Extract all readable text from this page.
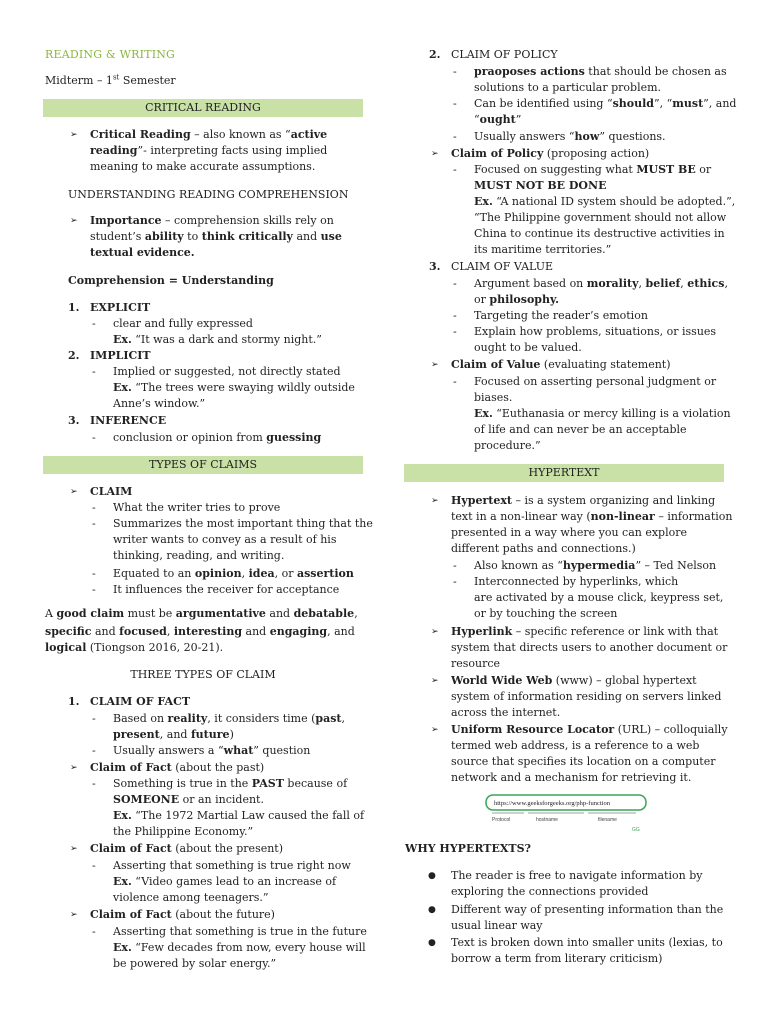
READING & WRITING
Midterm – 1st Semester
CRITICAL READING
➢ Critical Reading – also known as “active
reading”- interpreting facts using implied
meaning to make accurate assumptions.
UNDERSTANDING READING COMPREHENSION
➢ Importance – comprehension skills rely on
student’s ability to think critically and use
textual evidence.
Comprehension = Understanding
1. EXPLICIT
- clear and fully expressed
Ex. “It was a dark and stormy night.”
2. IMPLICIT
- Implied or suggested, not directly stated
Ex. “The trees were swaying wildly outside
Anne’s window.”
3. INFERENCE
- conclusion or opinion from guessing
TYPES OF CLAIMS
➢ CLAIM
- What the writer tries to prove
- Summarizes the most important thing that the
writer wants to convey as a result of his
thinking, reading, and writing.
- Equated to an opinion, idea, or assertion
- It influences the receiver for acceptance
A good claim must be argumentative and debatable,
specific and focused, interesting and engaging, and
logical (Tiongson 2016, 20-21).
THREE TYPES OF CLAIM
1. CLAIM OF FACT
- Based on reality, it considers time (past,
present, and future)
- Usually answers a “what” question
➢ Claim of Fact (about the past)
- Something is true in the PAST because of
SOMEONE or an incident.
Ex. “The 1972 Martial Law caused the fall of
the Philippine Economy.”
➢ Claim of Fact (about the present)
- Asserting that something is true right now
Ex. “Video games lead to an increase of
violence among teenagers.”
➢ Claim of Fact (about the future)
- Asserting that something is true in the future
Ex. “Few decades from now, every house will
be powered by solar energy.”
2. CLAIM OF POLICY
- praoposes actions that should be chosen as
solutions to a particular problem.
- Can be identified using “should”, “must”, and
“ought”
- Usually answers “how” questions.
➢ Claim of Policy (proposing action)
- Focused on suggesting what MUST BE or
MUST NOT BE DONE
Ex. “A national ID system should be adopted.”,
“The Philippine government should not allow
China to continue its destructive activities in
its maritime territories.”
3. CLAIM OF VALUE
- Argument based on morality, belief, ethics,
or philosophy.
- Targeting the reader’s emotion
- Explain how problems, situations, or issues
ought to be valued.
➢ Claim of Value (evaluating statement)
- Focused on asserting personal judgment or
biases.
Ex. “Euthanasia or mercy killing is a violation
of life and can never be an acceptable
procedure.”
HYPERTEXT
➢ Hypertext – is a system organizing and linking
text in a non-linear way (non-linear – information
presented in a way where you can explore
different paths and connections.)
- Also known as “hypermedia” – Ted Nelson
- Interconnected by hyperlinks, which
are activated by a mouse click, keypress set,
or by touching the screen
➢ Hyperlink – specific reference or link with that
system that directs users to another document or
resource
➢ World Wide Web (www) – global hypertext
system of information residing on servers linked
across the internet.
➢ Uniform Resource Locator (URL) – colloquially
termed web address, is a reference to a web
source that specifies its location on a computer
network and a mechanism for retrieving it.
https://www.geeksforgeeks.org/php-function
Protocol	hostname	filename
GG
WHY HYPERTEXTS?
● The reader is free to navigate information by
exploring the connections provided
● Different way of presenting information than the
usual linear way
● Text is broken down into smaller units (lexias, to
borrow a term from literary criticism)
